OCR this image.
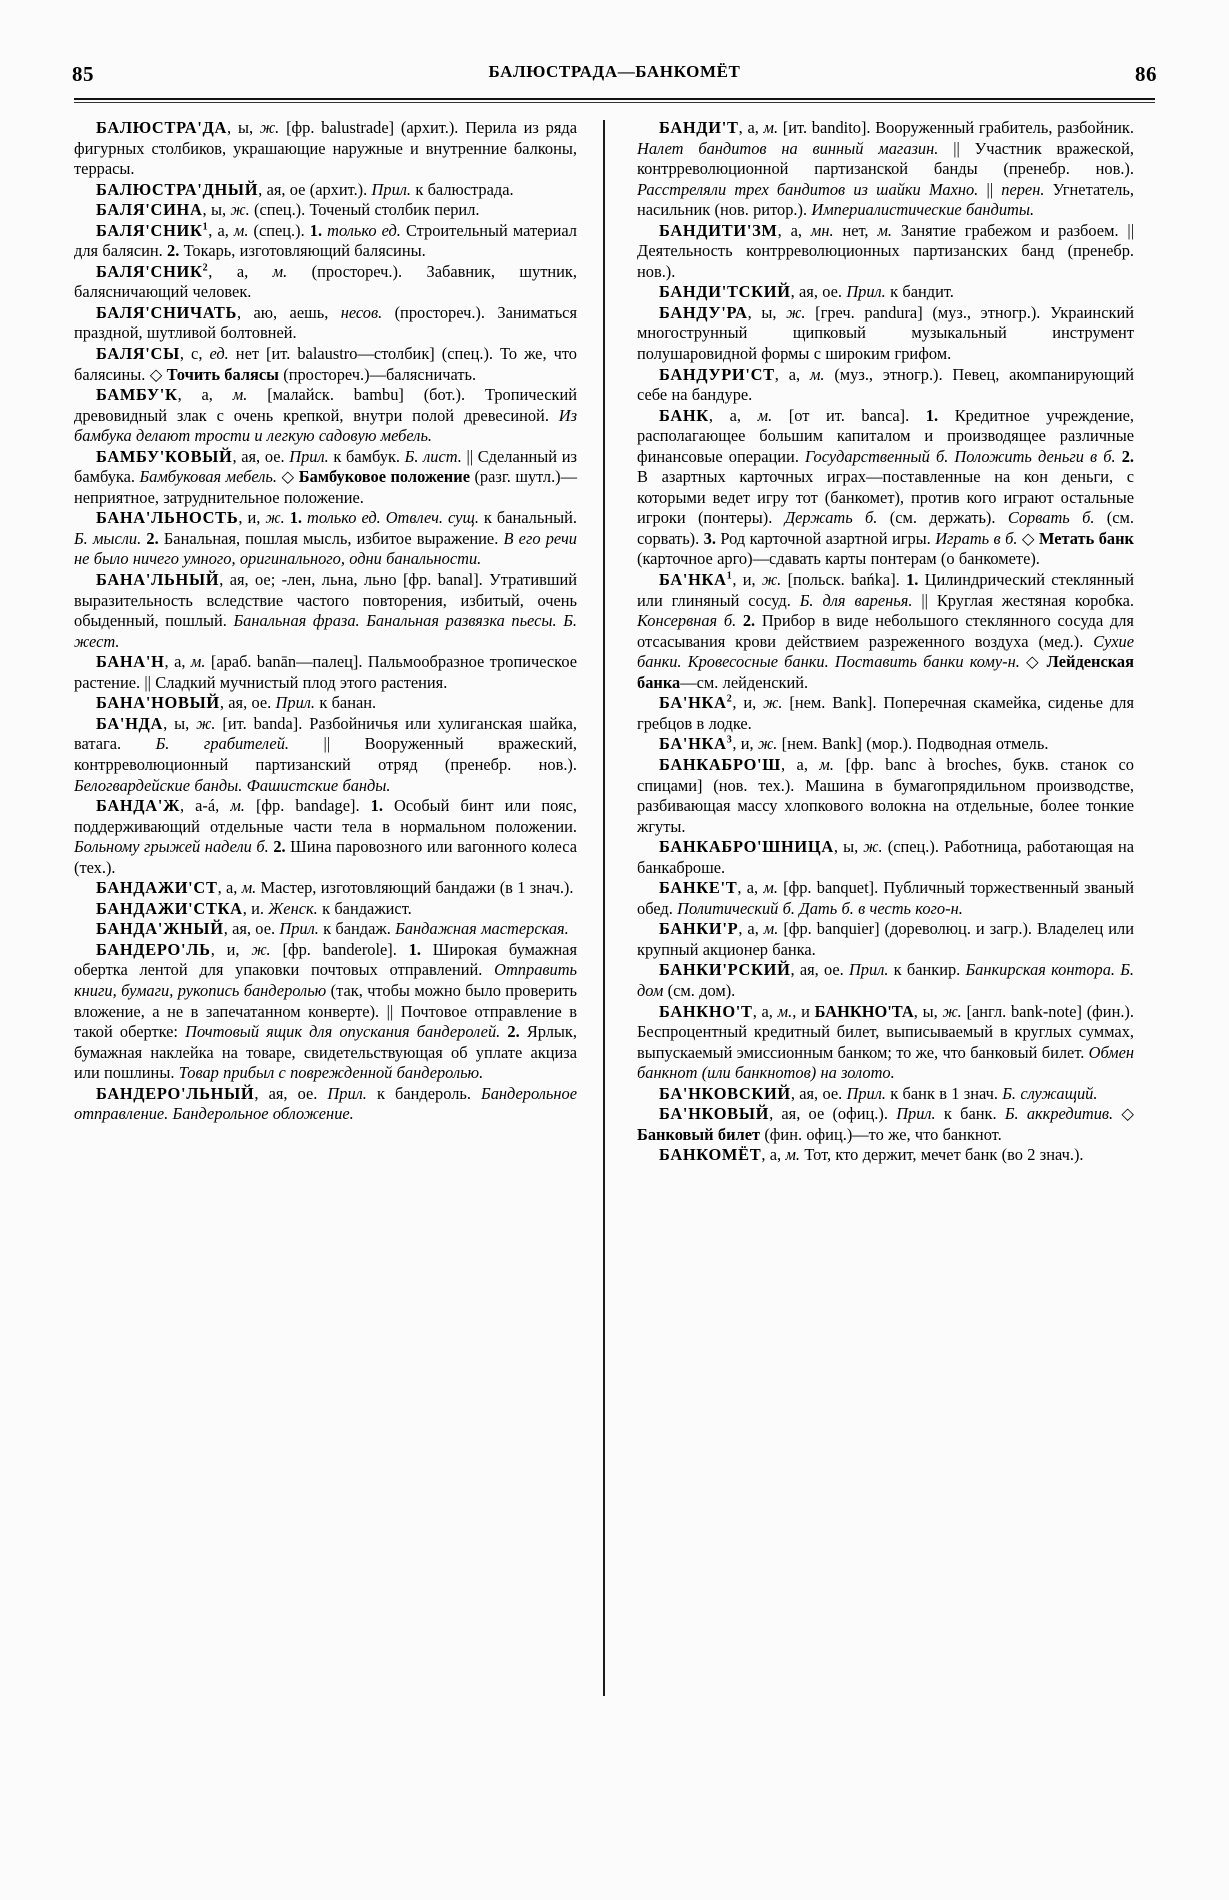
85	БАЛЮСТРАДА—БАНКОМЁТ	86

БАЛЮСТРА'ДА, ы, ж. [фр. balustrade] (архит.). Перила из ряда фигурных столбиков, украшающие наружные и внутренние балконы, террасы.

БАЛЮСТРА'ДНЫЙ, ая, ое (архит.). Прил. к балюстрада.

БАЛЯ'СИНА, ы, ж. (спец.). Точеный столбик перил.

БАЛЯ'СНИК$^1$, а, м. (спец.). 1. только ед. Строительный материал для балясин. 2. Токарь, изготовляющий балясины.

БАЛЯ'СНИК$^2$, а, м. (простореч.). Забавник, шутник, балясничающий человек.

БАЛЯ'СНИЧАТЬ, аю, аешь, несов. (простореч.). Заниматься праздной, шутливой болтовней.

БАЛЯ'СЫ, с, ед. нет [ит. balaustro—столбик] (спец.). То же, что балясины. ◇ Точить балясы (простореч.)—балясничать.

БАМБУ'К, а, м. [малайск. bambu] (бот.). Тропический древовидный злак с очень крепкой, внутри полой древесиной. Из бамбука делают трости и легкую садовую мебель.

БАМБУ'КОВЫЙ, ая, ое. Прил. к бамбук. Б. лист. || Сделанный из бамбука. Бамбуковая мебель. ◇ Бамбуковое положение (разг. шутл.)—неприятное, затруднительное положение.

БАНА'ЛЬНОСТЬ, и, ж. 1. только ед. Отвлеч. сущ. к банальный. Б. мысли. 2. Банальная, пошлая мысль, избитое выражение. В его речи не было ничего умного, оригинального, одни банальности.

БАНА'ЛЬНЫЙ, ая, ое; -лен, льна, льно [фр. banal]. Утративший выразительность вследствие частого повторения, избитый, очень обыденный, пошлый. Банальная фраза. Банальная развязка пьесы. Б. жест.

БАНА'Н, а, м. [араб. banān—палец]. Пальмообразное тропическое растение. || Сладкий мучнистый плод этого растения.

БАНА'НОВЫЙ, ая, ое. Прил. к банан.

БА'НДА, ы, ж. [ит. banda]. Разбойничья или хулиганская шайка, ватага. Б. грабителей. || Вооруженный вражеский, контрреволюционный партизанский отряд (пренебр. нов.). Белогвардейские банды. Фашистские банды.

БАНДА'Ж, а-á, м. [фр. bandage]. 1. Особый бинт или пояс, поддерживающий отдельные части тела в нормальном положении. Больному грыжей надели б. 2. Шина паровозного или вагонного колеса (тех.).

БАНДАЖИ'СТ, а, м. Мастер, изготовляющий бандажи (в 1 знач.).

БАНДАЖИ'СТКА, и. Женск. к бандажист.

БАНДА'ЖНЫЙ, ая, ое. Прил. к бандаж. Бандажная мастерская.

БАНДЕРО'ЛЬ, и, ж. [фр. banderole]. 1. Широкая бумажная обертка лентой для упаковки почтовых отправлений. Отправить книги, бумаги, рукопись бандеролью (так, чтобы можно было проверить вложение, а не в запечатанном конверте). || Почтовое отправление в такой обертке: Почтовый ящик для опускания бандеролей. 2. Ярлык, бумажная наклейка на товаре, свидетельствующая об уплате акциза или пошлины. Товар прибыл с поврежденной бандеролью.

БАНДЕРО'ЛЬНЫЙ, ая, ое. Прил. к бандероль. Бандерольное отправление. Бандерольное обложение.

БАНДИ'Т, а, м. [ит. bandito]. Вооруженный грабитель, разбойник. Налет бандитов на винный магазин. || Участник вражеской, контрреволюционной партизанской банды (пренебр. нов.). Расстреляли трех бандитов из шайки Махно. || перен. Угнетатель, насильник (нов. ритор.). Империалистические бандиты.

БАНДИТИ'ЗМ, а, мн. нет, м. Занятие грабежом и разбоем. || Деятельность контрреволюционных партизанских банд (пренебр. нов.).

БАНДИ'ТСКИЙ, ая, ое. Прил. к бандит.

БАНДУ'РА, ы, ж. [греч. pandura] (муз., этногр.). Украинский многострунный щипковый музыкальный инструмент полушаровидной формы с широким грифом.

БАНДУРИ'СТ, а, м. (муз., этногр.). Певец, акомпанирующий себе на бандуре.

БАНК, а, м. [от ит. banca]. 1. Кредитное учреждение, располагающее большим капиталом и производящее различные финансовые операции. Государственный б. Положить деньги в б. 2. В азартных карточных играх—поставленные на кон деньги, с которыми ведет игру тот (банкомет), против кого играют остальные игроки (понтеры). Держать б. (см. держать). Сорвать б. (см. сорвать). 3. Род карточной азартной игры. Играть в б. ◇ Метать банк (карточное арго)—сдавать карты понтерам (о банкомете).

БА'НКА$^1$, и, ж. [польск. bańka]. 1. Цилиндрический стеклянный или глиняный сосуд. Б. для варенья. || Круглая жестяная коробка. Консервная б. 2. Прибор в виде небольшого стеклянного сосуда для отсасывания крови действием разреженного воздуха (мед.). Сухие банки. Кровесосные банки. Поставить банки кому-н. ◇ Лейденская банка—см. лейденский.

БА'НКА$^2$, и, ж. [нем. Bank]. Поперечная скамейка, сиденье для гребцов в лодке.

БА'НКА$^3$, и, ж. [нем. Bank] (мор.). Подводная отмель.

БАНКАБРО'Ш, а, м. [фр. banc à broches, букв. станок со спицами] (нов. тех.). Машина в бумагопрядильном производстве, разбивающая массу хлопкового волокна на отдельные, более тонкие жгуты.

БАНКАБРО'ШНИЦА, ы, ж. (спец.). Работница, работающая на банкаброше.

БАНКЕ'Т, а, м. [фр. banquet]. Публичный торжественный званый обед. Политический б. Дать б. в честь кого-н.

БАНКИ'Р, а, м. [фр. banquier] (дореволюц. и загр.). Владелец или крупный акционер банка.

БАНКИ'РСКИЙ, ая, ое. Прил. к банкир. Банкирская контора. Б. дом (см. дом).

БАНКНО'Т, а, м., и БАНКНО'ТА, ы, ж. [англ. bank-note] (фин.). Беспроцентный кредитный билет, выписываемый в круглых суммах, выпускаемый эмиссионным банком; то же, что банковый билет. Обмен банкнот (или банкнотов) на золото.

БА'НКОВСКИЙ, ая, ое. Прил. к банк в 1 знач. Б. служащий.

БА'НКОВЫЙ, ая, ое (офиц.). Прил. к банк. Б. аккредитив. ◇ Банковый билет (фин. офиц.)—то же, что банкнот.

БАНКОМЁТ, а, м. Тот, кто держит, мечет банк (во 2 знач.).
